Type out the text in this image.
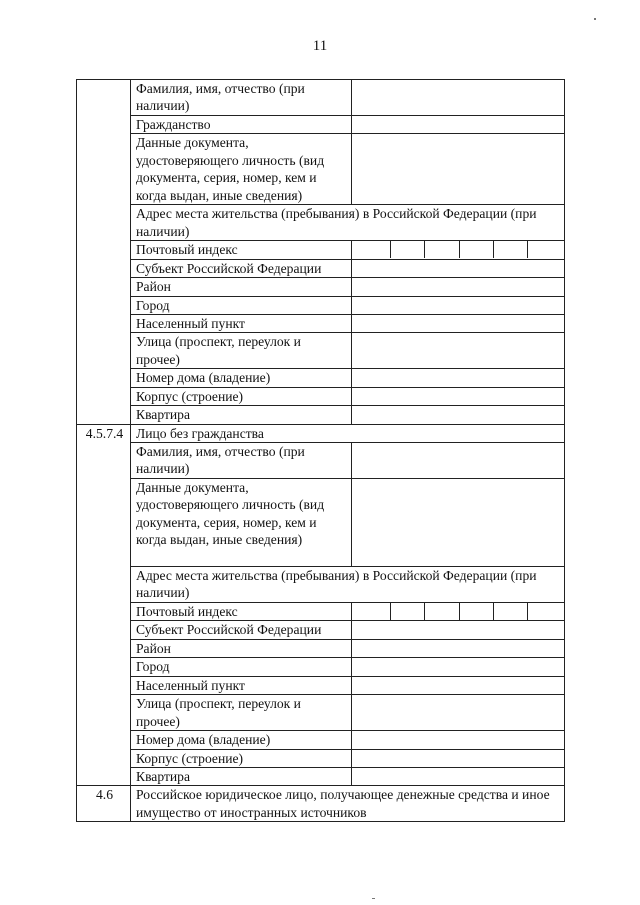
11
	Фамилия, имя, отчество (при наличии)	
	Гражданство	
	Данные документа, удостоверяющего личность (вид документа, серия, номер, кем и когда выдан, иные сведения)	
	Адрес места жительства (пребывания) в Российской Федерации (при наличии)	
	Почтовый индекс	

	Субъект Российской Федерации	
	Район	
	Город	
	Населенный пункт	
	Улица (проспект, переулок и прочее)	
	Номер дома (владение)	
	Корпус (строение)	
	Квартира	
4.5.7.4	Лицо без гражданства	
	Фамилия, имя, отчество (при наличии)	
	Данные документа, удостоверяющего личность (вид документа, серия, номер, кем и когда выдан, иные сведения)	
	Адрес места жительства (пребывания) в Российской Федерации (при наличии)	
	Почтовый индекс	

	Субъект Российской Федерации	
	Район	
	Город	
	Населенный пункт	
	Улица (проспект, переулок и прочее)	
	Номер дома (владение)	
	Корпус (строение)	
	Квартира	
4.6	Российское юридическое лицо, получающее денежные средства и иное имущество от иностранных источников	
